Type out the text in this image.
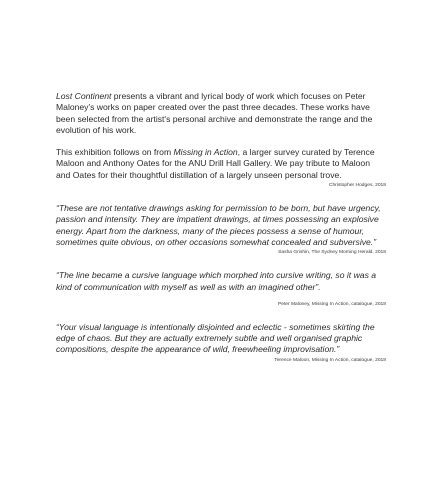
Lost Continent presents a vibrant and lyrical body of work which focuses on Peter Maloney's works on paper created over the past three decades. These works have been selected from the artist's personal archive and demonstrate the range and the evolution of his work.

This exhibition follows on from Missing in Action, a larger survey curated by Terence Maloon and Anthony Oates for the ANU Drill Hall Gallery. We pay tribute to Maloon and Oates for their thoughtful distillation of a largely unseen personal trove.

Christopher Hodges, 2018

“These are not tentative drawings asking for permission to be born, but have urgency, passion and intensity. They are impatient drawings, at times possessing an explosive energy. Apart from the darkness, many of the pieces possess a sense of humour, sometimes quite obvious, on other occasions somewhat concealed and subversive.”

Sasha Grishin, The Sydney Morning Herald, 2018

“The line became a cursive language which morphed into cursive writing, so it was a kind of communication with myself as well as with an imagined other”.

Peter Maloney, Missing In Action, catalogue, 2018

“Your visual language is intentionally disjointed and eclectic - sometimes skirting the edge of chaos. But they are actually extremely subtle and well organised graphic compositions, despite the appearance of wild, freewheeling improvisation.”

Terence Maloon, Missing In Action, catalogue, 2018
